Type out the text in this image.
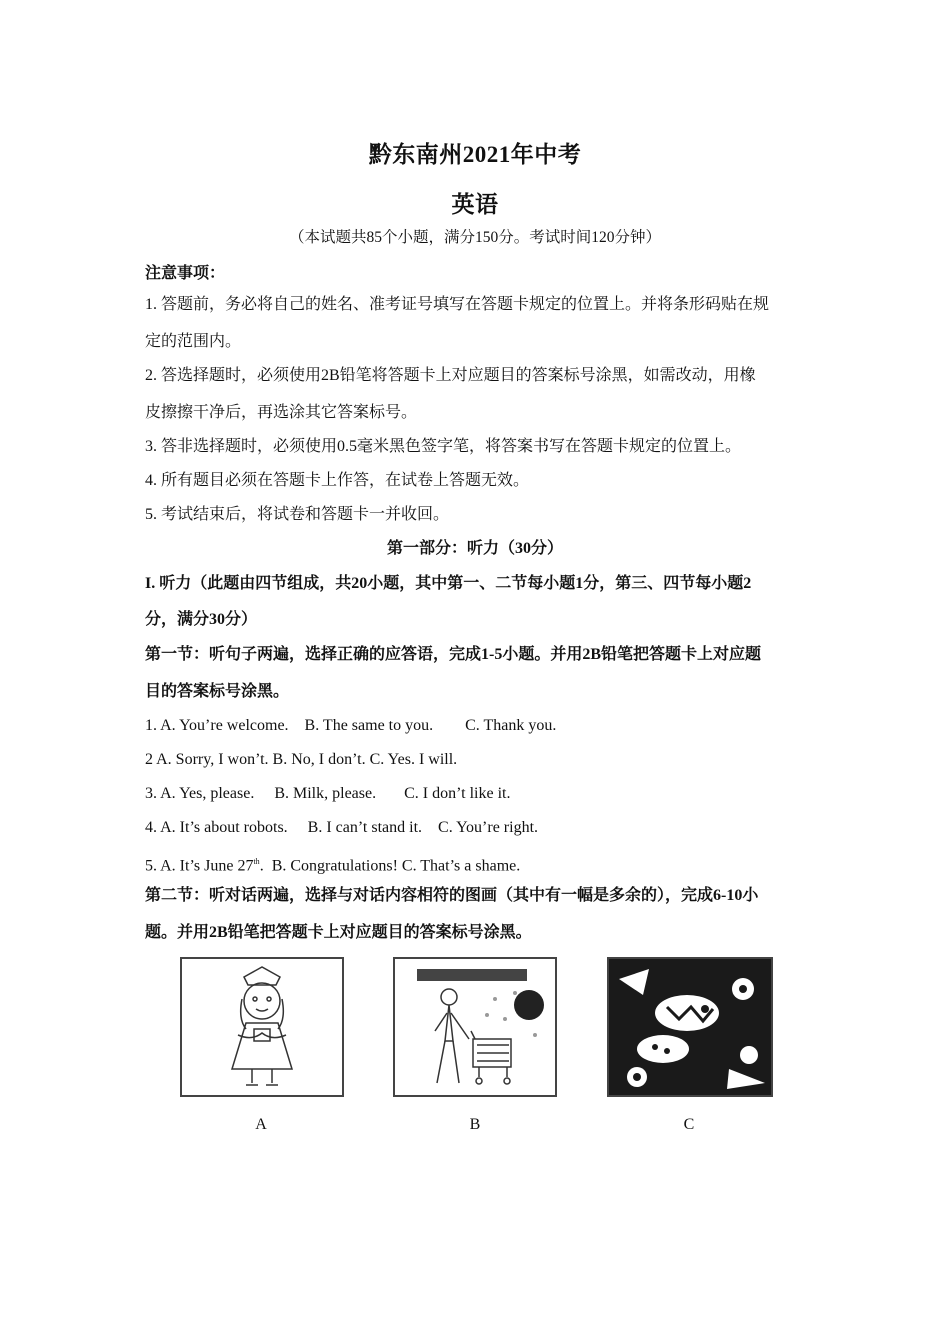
黔东南州2021年中考
英语
（本试题共85个小题，满分150分。考试时间120分钟）
注意事项：
1. 答题前，务必将自己的姓名、准考证号填写在答题卡规定的位置上。并将条形码贴在规
定的范围内。
2. 答选择题时，必须使用2B铅笔将答题卡上对应题目的答案标号涂黑，如需改动，用橡
皮擦擦干净后，再选涂其它答案标号。
3. 答非选择题时，必须使用0.5毫米黑色签字笔，将答案书写在答题卡规定的位置上。
4. 所有题目必须在答题卡上作答，在试卷上答题无效。
5. 考试结束后，将试卷和答题卡一并收回。
第一部分：听力（30分）
I. 听力（此题由四节组成，共20小题，其中第一、二节每小题1分，第三、四节每小题2
分，满分30分）
第一节：听句子两遍，选择正确的应答语，完成1-5小题。并用2B铅笔把答题卡上对应题
目的答案标号涂黑。
1. A. You’re welcome.    B. The same to you.        C. Thank you.
2 A. Sorry, I won’t. B. No, I don’t. C. Yes. I will.
3. A. Yes, please.     B. Milk, please.       C. I don’t like it.
4. A. It’s about robots.     B. I can’t stand it.    C. You’re right.
5. A. It’s June 27th.  B. Congratulations! C. That’s a shame.
第二节：听对话两遍，选择与对话内容相符的图画（其中有一幅是多余的），完成6-10小
题。并用2B铅笔把答题卡上对应题目的答案标号涂黑。
A	B	C
